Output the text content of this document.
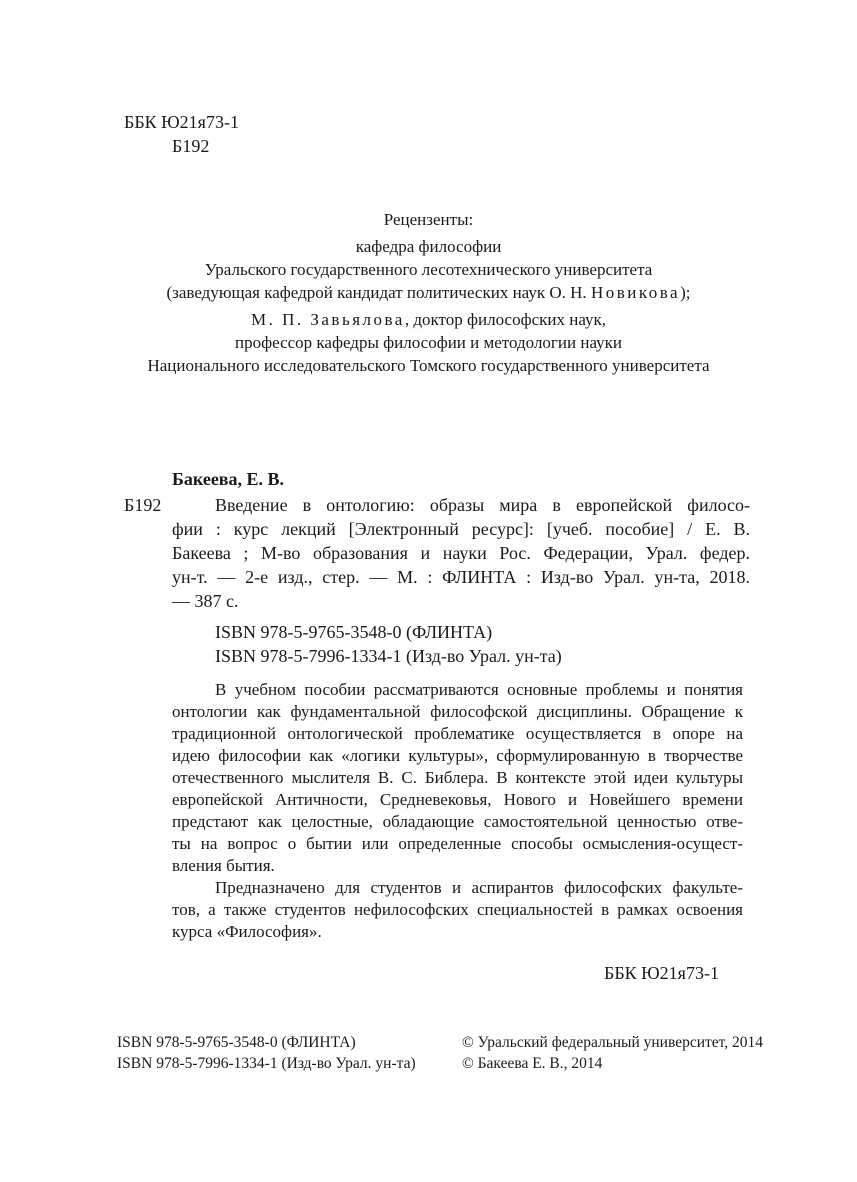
ББК Ю21я73-1
Б192
Рецензенты:
кафедра философии
Уральского государственного лесотехнического университета
(заведующая кафедрой кандидат политических наук О. Н. Новикова);
М. П. Завьялова, доктор философских наук,
профессор кафедры философии и методологии науки
Национального исследовательского Томского государственного университета
Бакеева, Е. В.
Б192	Введение в онтологию: образы мира в европейской филосо-
фии : курс лекций [Электронный ресурс]: [учеб. пособие] / Е. В.
Бакеева ; М-во образования и науки Рос. Федерации, Урал. федер.
ун-т. — 2-е изд., стер. — М. : ФЛИНТА : Изд-во Урал. ун-та, 2018.
— 387 с.
ISBN 978-5-9765-3548-0 (ФЛИНТА)
ISBN 978-5-7996-1334-1 (Изд-во Урал. ун-та)
В учебном пособии рассматриваются основные проблемы и понятия
онтологии как фундаментальной философской дисциплины. Обращение к
традиционной онтологической проблематике осуществляется в опоре на
идею философии как «логики культуры», сформулированную в творчестве
отечественного мыслителя В. С. Библера. В контексте этой идеи культуры
европейской Античности, Средневековья, Нового и Новейшего времени
предстают как целостные, обладающие самостоятельной ценностью отве-
ты на вопрос о бытии или определенные способы осмысления-осущест-
вления бытия.
Предназначено для студентов и аспирантов философских факульте-
тов, а также студентов нефилософских специальностей в рамках освоения
курса «Философия».
ББК Ю21я73-1
ISBN 978-5-9765-3548-0 (ФЛИНТА)
ISBN 978-5-7996-1334-1 (Изд-во Урал. ун-та)
© Уральский федеральный университет, 2014
© Бакеева Е. В., 2014
